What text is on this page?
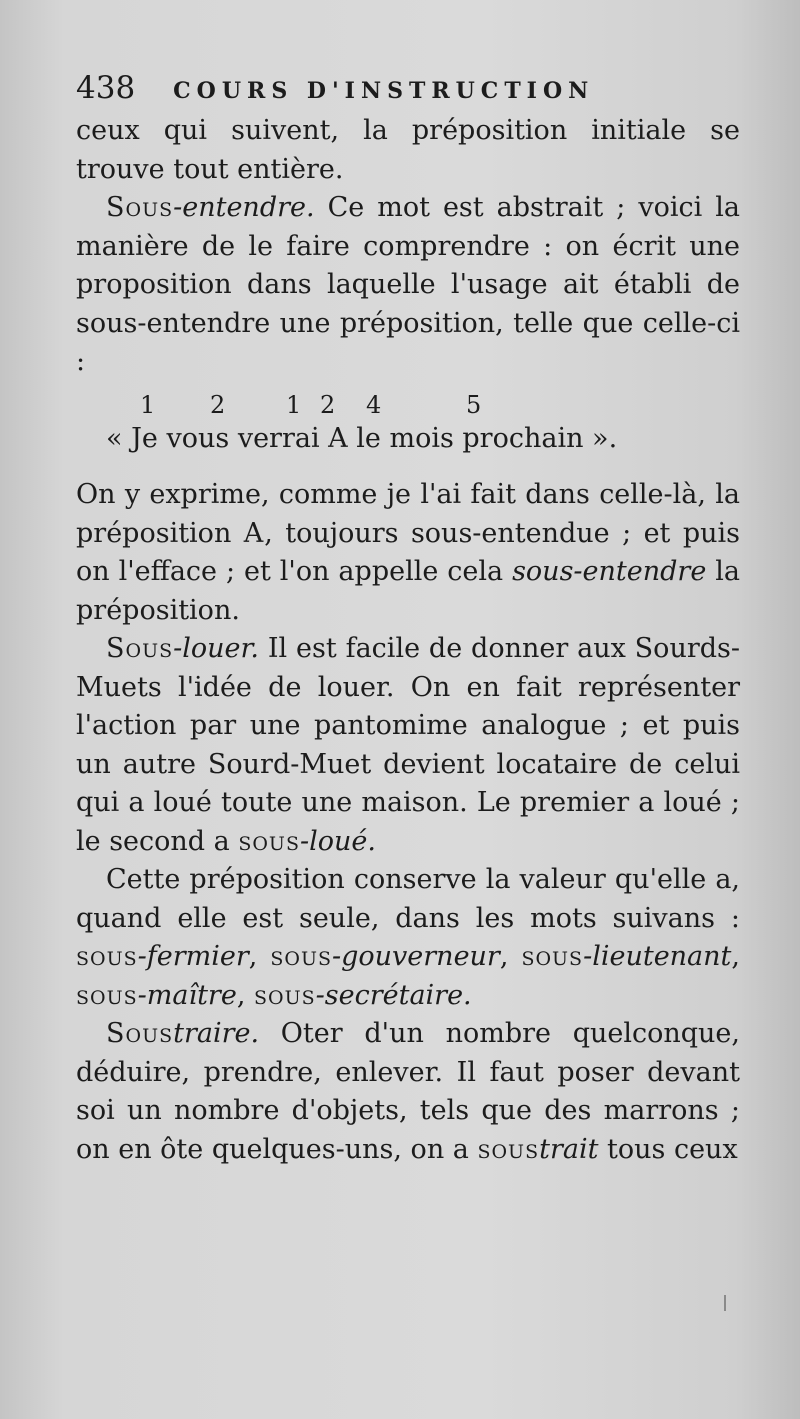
438 COURS D'INSTRUCTION

ceux qui suivent, la préposition initiale se trouve tout entière.

Sous-entendre. Ce mot est abstrait ; voici la manière de le faire comprendre : on écrit une proposition dans laquelle l'usage ait établi de sous-entendre une préposition, telle que celle-ci :

1 2	1 2 4	5

« Je vous verrai A le mois prochain ».

On y exprime, comme je l'ai fait dans celle-là, la préposition A, toujours sous-entendue ; et puis on l'efface ; et l'on appelle cela sous-entendre la préposition.

Sous-louer. Il est facile de donner aux Sourds-Muets l'idée de louer. On en fait représenter l'action par une pantomime analogue ; et puis un autre Sourd-Muet devient locataire de celui qui a loué toute une maison. Le premier a loué ; le second a sous-loué.

Cette préposition conserve la valeur qu'elle a, quand elle est seule, dans les mots suivans : sous-fermier, sous-gouverneur, sous-lieutenant, sous-maître, sous-secrétaire.

Soustraire. Oter d'un nombre quelconque, déduire, prendre, enlever. Il faut poser devant soi un nombre d'objets, tels que des marrons ; on en ôte quelques-uns, on a soustrait tous ceux
